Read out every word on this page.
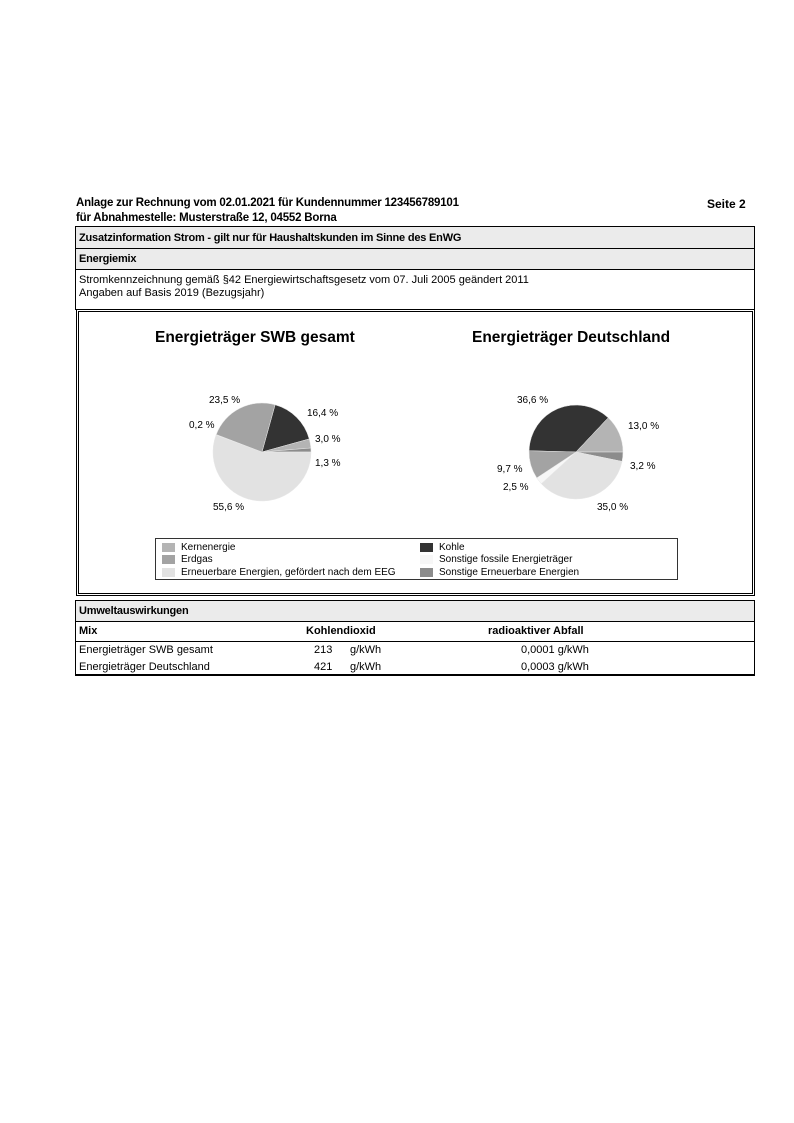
Anlage zur Rechnung vom 02.01.2021 für Kundennummer 123456789101
für Abnahmestelle: Musterstraße 12, 04552 Borna
Seite 2
Zusatzinformation Strom - gilt nur für Haushaltskunden im Sinne des EnWG
Energiemix
Stromkennzeichnung gemäß §42 Energiewirtschaftsgesetz vom 07. Juli 2005 geändert 2011
Angaben auf Basis 2019 (Bezugsjahr)
Energieträger SWB gesamt	Energieträger Deutschland
16,4 %
3,0 %
1,3 %
55,6 %
0,2 %
23,5 %	36,6 %
13,0 %
3,2 %
35,0 %
2,5 %
9,7 %
Kernenergie
Erdgas
Erneuerbare Energien, gefördert nach dem EEG
Kohle
Sonstige fossile Energieträger
Sonstige Erneuerbare Energien
Umweltauswirkungen
Mix	Kohlendioxid	radioaktiver Abfall
Energieträger SWB gesamt	213 g/kWh	0,0001 g/kWh
Energieträger Deutschland	421 g/kWh	0,0003 g/kWh
